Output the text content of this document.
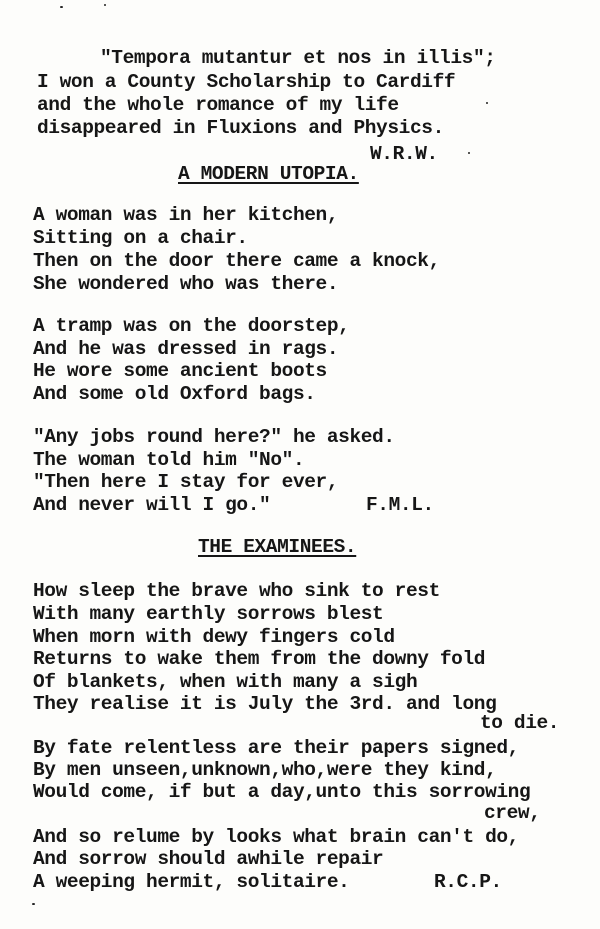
"Tempora mutantur et nos in illis";
I won a County Scholarship to Cardiff
and the whole romance of my life
disappeared in Fluxions and Physics.
W.R.W.
A MODERN UTOPIA.
A woman was in her kitchen,
Sitting on a chair.
Then on the door there came a knock,
She wondered who was there.
A tramp was on the doorstep,
And he was dressed in rags.
He wore some ancient boots
And some old Oxford bags.
"Any jobs round here?" he asked.
The woman told him "No".
"Then here I stay for ever,
And never will I go."	F.M.L.
THE EXAMINEES.
How sleep the brave who sink to rest
With many earthly sorrows blest
When morn with dewy fingers cold
Returns to wake them from the downy fold
Of blankets, when with many a sigh
They realise it is July the 3rd. and long
to die.
By fate relentless are their papers signed,
By men unseen,unknown,who,were they kind,
Would come, if but a day,unto this sorrowing
crew,
And so relume by looks what brain can't do,
And sorrow should awhile repair
A weeping hermit, solitaire.	R.C.P.
